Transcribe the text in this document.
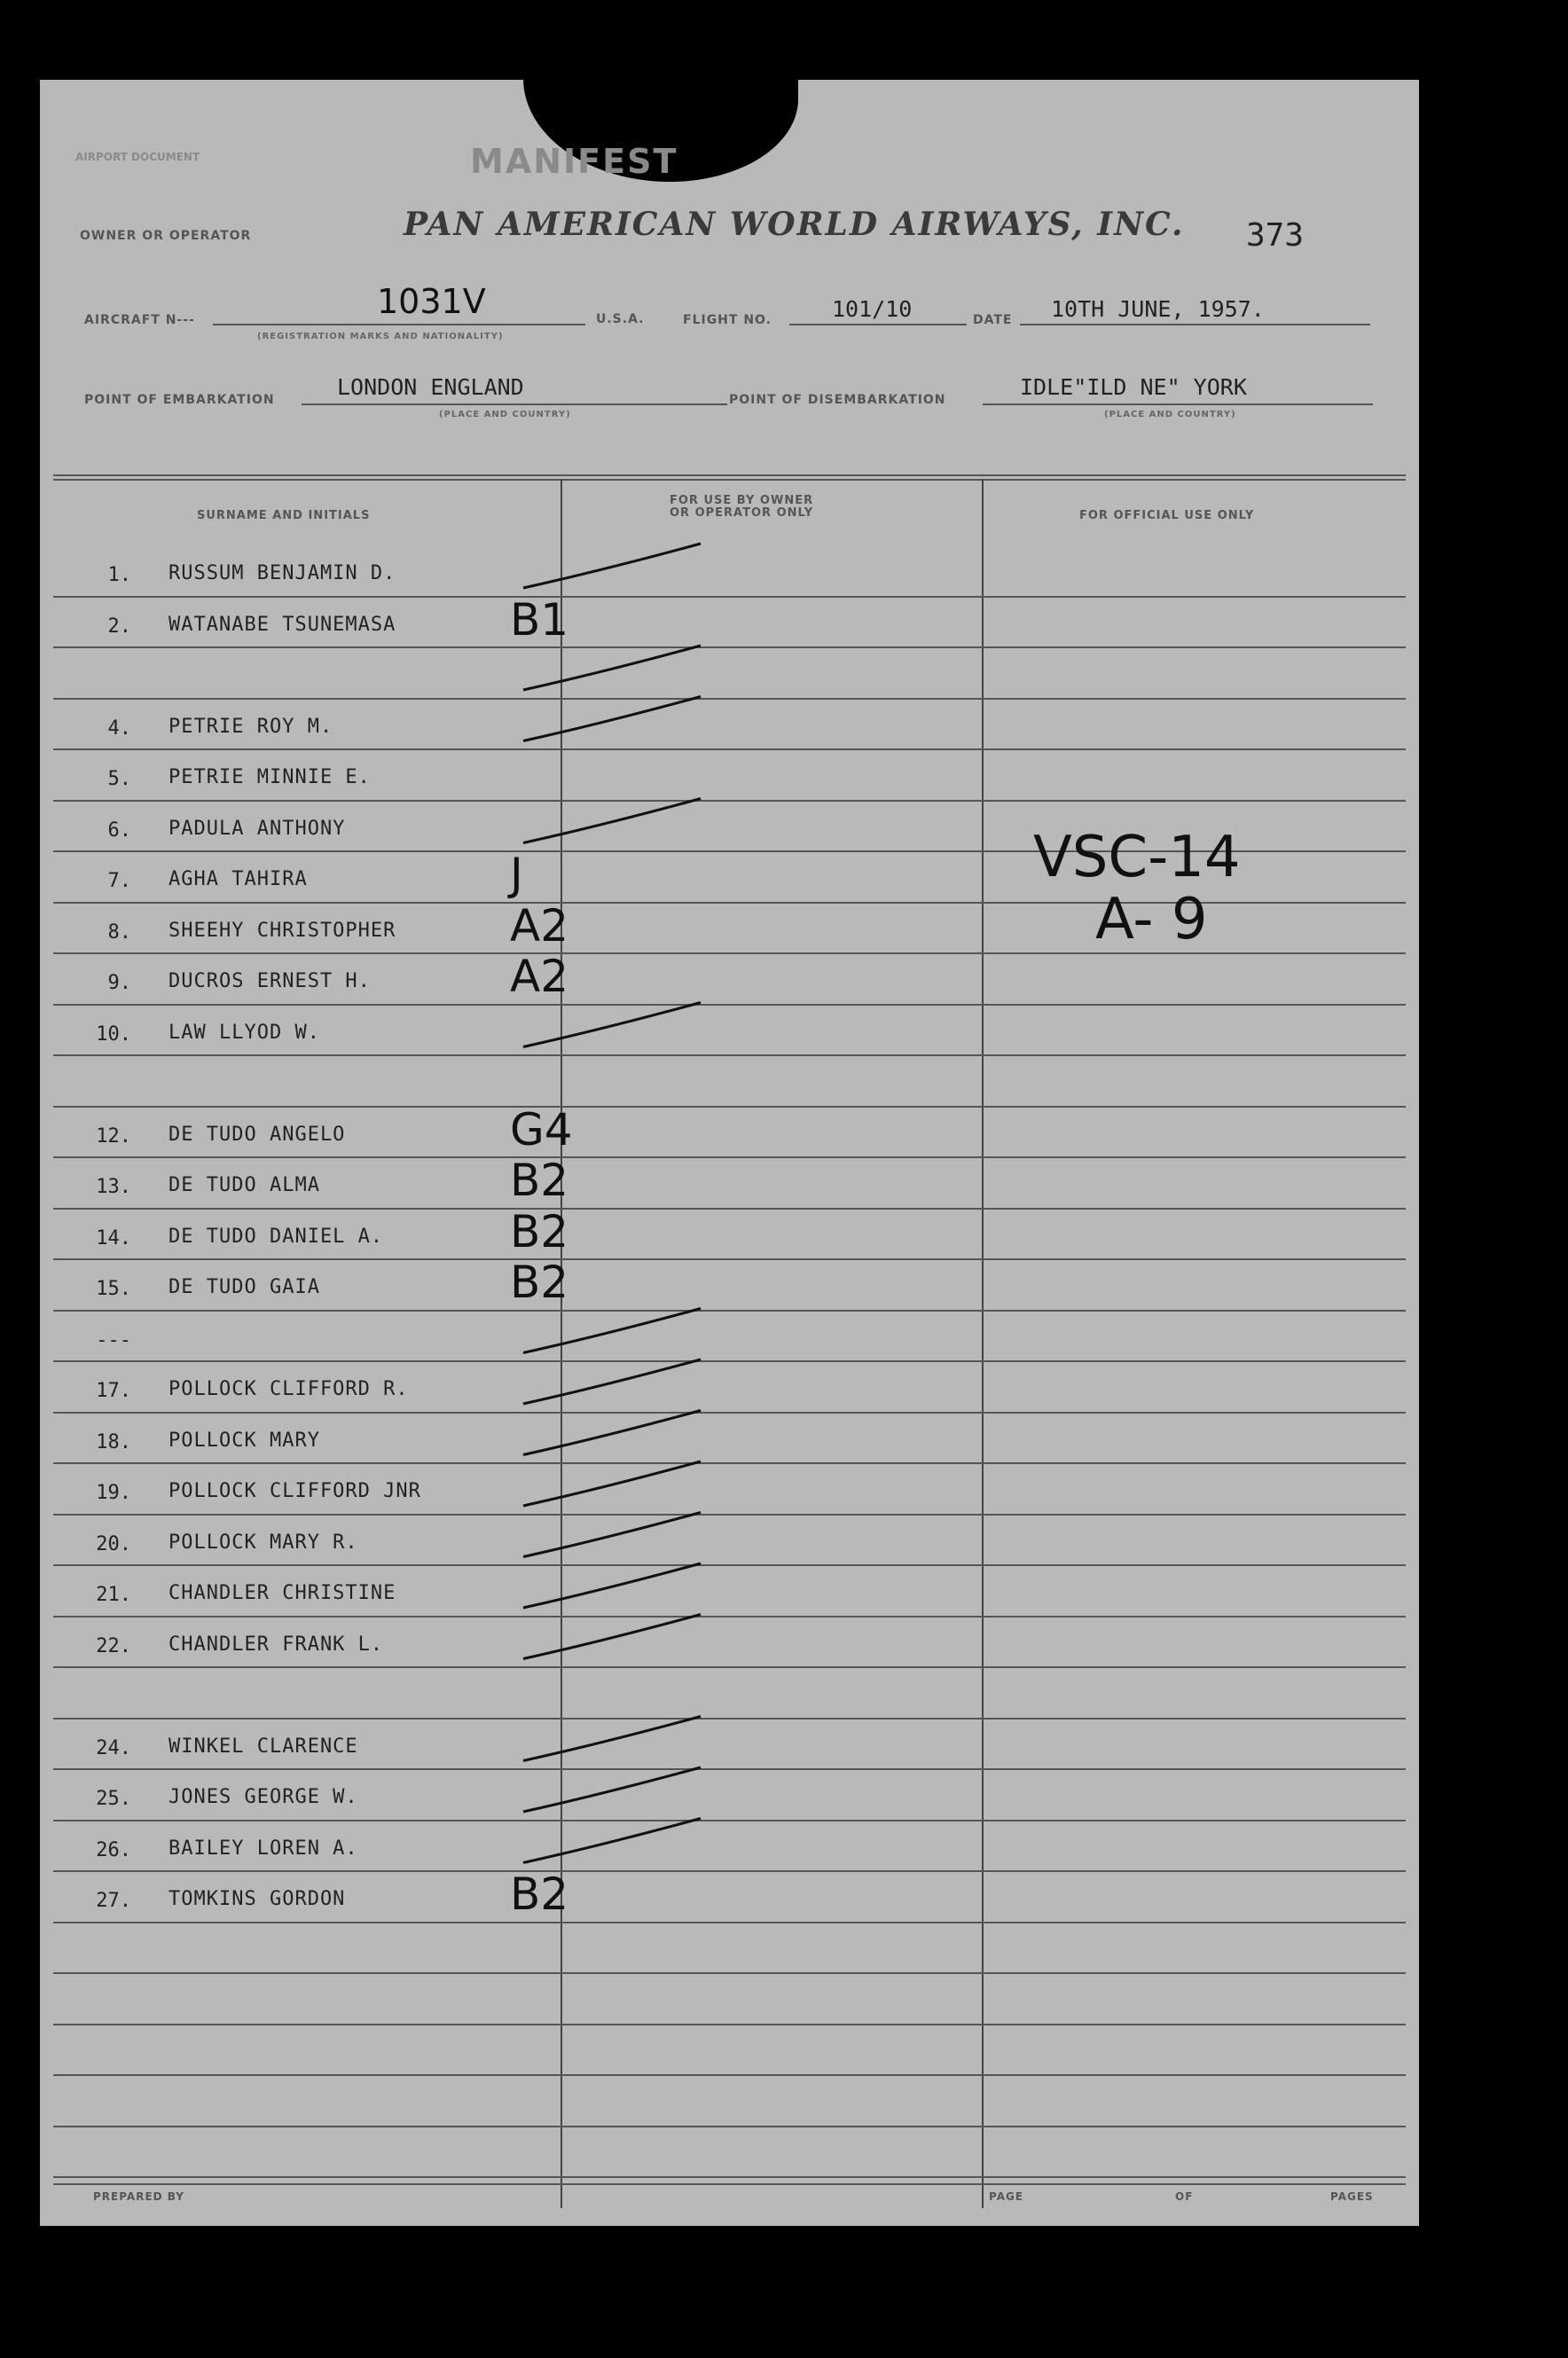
AIRPORT DOCUMENT	MANIFEST
OWNER OR OPERATOR	PAN AMERICAN WORLD AIRWAYS, INC. 373
AIRCRAFT N---	1031V
(REGISTRATION MARKS AND NATIONALITY)
U.S.A.	FLIGHT NO.	101/10	DATE 10TH JUNE, 1957.
POINT OF EMBARKATION	LONDON ENGLAND
(PLACE AND COUNTRY)
POINT OF DISEMBARKATION	IDLE"ILD NE" YORK
(PLACE AND COUNTRY)
SURNAME AND INITIALS
FOR USE BY OWNER
OR OPERATOR ONLY	FOR OFFICIAL USE ONLY
1. RUSSUM BENJAMIN D.
2. WATANABE TSUNEMASA	B1
4. PETRIE ROY M.
5. PETRIE MINNIE E.
6. PADULA ANTHONY
7. AGHA TAHIRA	J
8. SHEEHY CHRISTOPHER	A2
9. DUCROS ERNEST H.	A2
10. LAW LLYOD W.
12. DE TUDO ANGELO	G4
13. DE TUDO ALMA	B2
14. DE TUDO DANIEL A.	B2
15. DE TUDO GAIA	B2
---
17. POLLOCK CLIFFORD R.
18. POLLOCK MARY
19. POLLOCK CLIFFORD JNR
20. POLLOCK MARY R.
21. CHANDLER CHRISTINE
22. CHANDLER FRANK L.
24. WINKEL CLARENCE
25. JONES GEORGE W.
26. BAILEY LOREN A.
27. TOMKINS GORDON	B2
VSC-14
A- 9
PREPARED BY	PAGE	OF	PAGES
